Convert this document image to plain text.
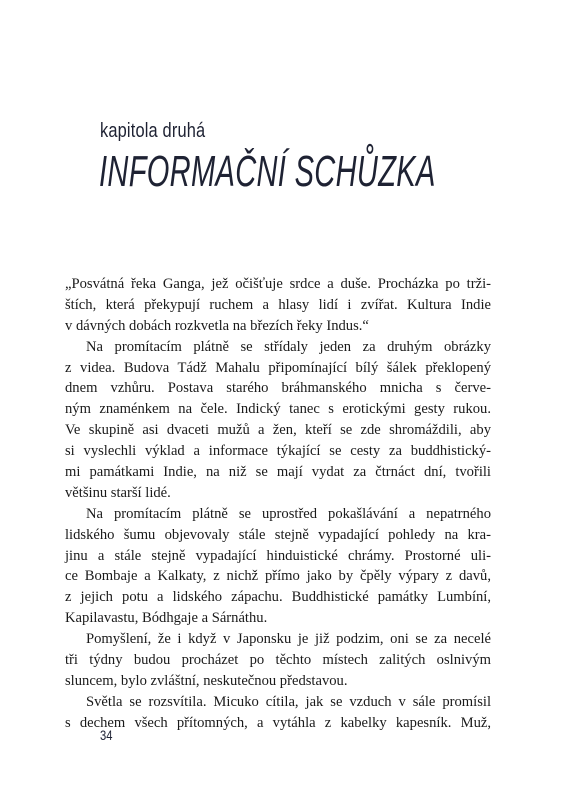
kapitola druhá
INFORMAČNÍ SCHŮZKA
„Posvátná řeka Ganga, jež očišťuje srdce a duše. Procházka po trži-
štích, která překypují ruchem a hlasy lidí i zvířat. Kultura Indie
v dávných dobách rozkvetla na březích řeky Indus.“
Na promítacím plátně se střídaly jeden za druhým obrázky
z videa. Budova Tádž Mahalu připomínající bílý šálek překlopený
dnem vzhůru. Postava starého bráhmanského mnicha s červe-
ným znaménkem na čele. Indický tanec s erotickými gesty rukou.
Ve skupině asi dvaceti mužů a žen, kteří se zde shromáždili, aby
si vyslechli výklad a informace týkající se cesty za buddhistický-
mi památkami Indie, na niž se mají vydat za čtrnáct dní, tvořili
většinu starší lidé.
Na promítacím plátně se uprostřed pokašlávání a nepatrného
lidského šumu objevovaly stále stejně vypadající pohledy na kra-
jinu a stále stejně vypadající hinduistické chrámy. Prostorné uli-
ce Bombaje a Kalkaty, z nichž přímo jako by čpěly výpary z davů,
z jejich potu a lidského zápachu. Buddhistické památky Lumbíní,
Kapilavastu, Bódhgaje a Sárnáthu.
Pomyšlení, že i když v Japonsku je již podzim, oni se za necelé
tři týdny budou procházet po těchto místech zalitých oslnivým
sluncem, bylo zvláštní, neskutečnou představou.
Světla se rozsvítila. Micuko cítila, jak se vzduch v sále promísil
s dechem všech přítomných, a vytáhla z kabelky kapesník. Muž,
34
